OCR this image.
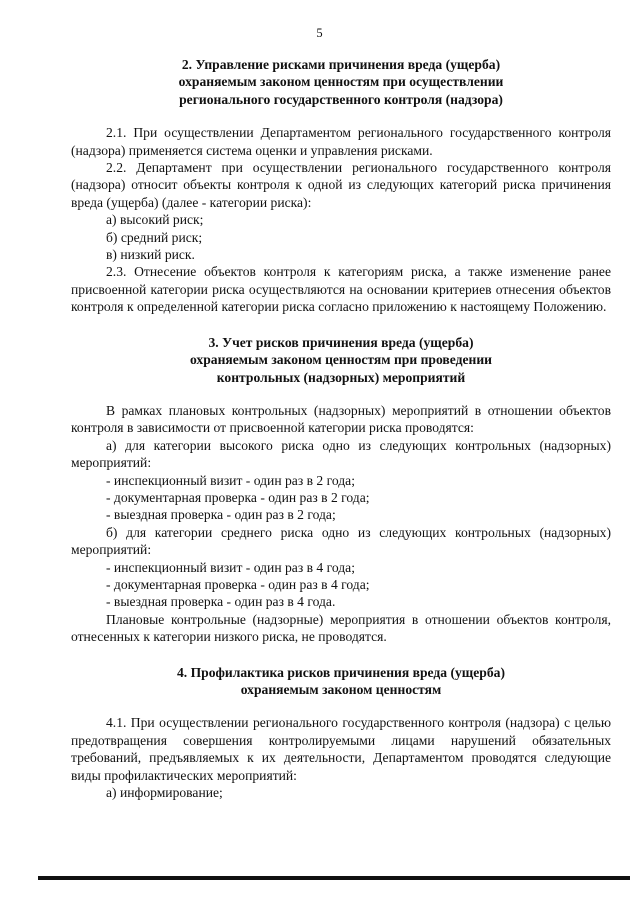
5
2. Управление рисками причинения вреда (ущерба)
охраняемым законом ценностям при осуществлении
регионального государственного контроля (надзора)

2.1. При осуществлении Департаментом регионального государственного контроля (надзора) применяется система оценки и управления рисками.

2.2. Департамент при осуществлении регионального государственного контроля (надзора) относит объекты контроля к одной из следующих категорий риска причинения вреда (ущерба) (далее - категории риска):

а) высокий риск;

б) средний риск;

в) низкий риск.

2.3. Отнесение объектов контроля к категориям риска, а также изменение ранее присвоенной категории риска осуществляются на основании критериев отнесения объектов контроля к определенной категории риска согласно приложению к настоящему Положению.

3. Учет рисков причинения вреда (ущерба)
охраняемым законом ценностям при проведении
контрольных (надзорных) мероприятий

В рамках плановых контрольных (надзорных) мероприятий в отношении объектов контроля в зависимости от присвоенной категории риска проводятся:

а) для категории высокого риска одно из следующих контрольных (надзорных) мероприятий:

- инспекционный визит - один раз в 2 года;

- документарная проверка - один раз в 2 года;

- выездная проверка - один раз в 2 года;

б) для категории среднего риска одно из следующих контрольных (надзорных) мероприятий:

- инспекционный визит - один раз в 4 года;

- документарная проверка - один раз в 4 года;

- выездная проверка - один раз в 4 года.

Плановые контрольные (надзорные) мероприятия в отношении объектов контроля, отнесенных к категории низкого риска, не проводятся.

4. Профилактика рисков причинения вреда (ущерба)
охраняемым законом ценностям

4.1. При осуществлении регионального государственного контроля (надзора) с целью предотвращения совершения контролируемыми лицами нарушений обязательных требований, предъявляемых к их деятельности, Департаментом проводятся следующие виды профилактических мероприятий:

а) информирование;
